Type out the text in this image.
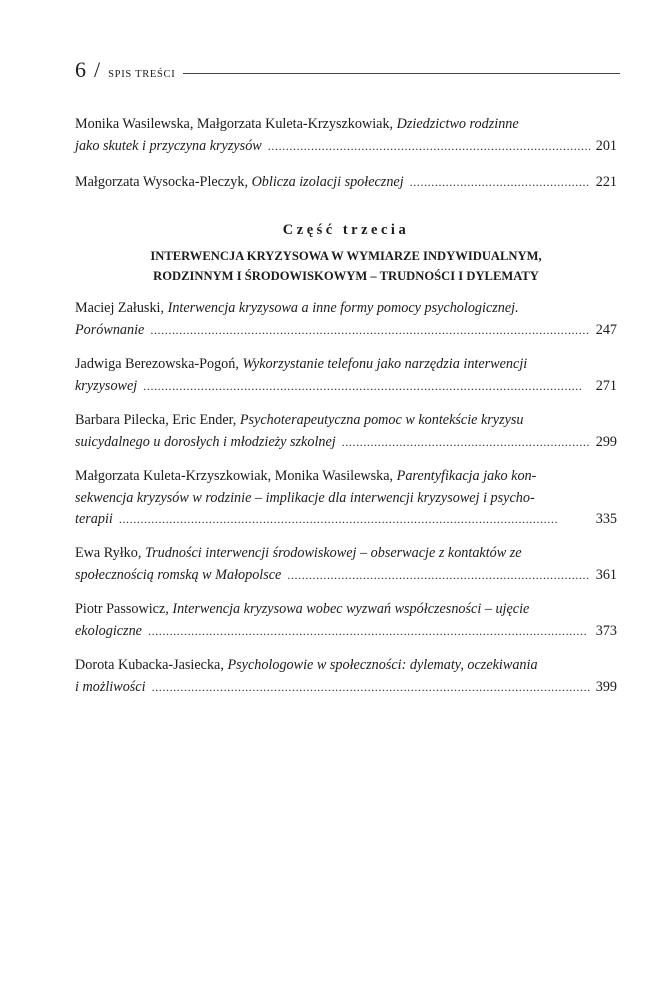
6 / SPIS TREŚCI
Monika Wasilewska, Małgorzata Kuleta-Krzyszkowiak,
Dziedzictwo rodzinne
jako skutek i przyczyna kryzysów . . .	201
Małgorzata Wysocka-Pleczyk,
Oblicza izolacji społecznej . . .	221
Część trzecia
INTERWENCJA KRYZYSOWA W WYMIARZE INDYWIDUALNYM,
RODZINNYM I ŚRODOWISKOWYM – TRUDNOŚCI I DYLEMATY
Maciej Załuski,
Interwencja kryzysowa a inne formy pomocy psychologicznej.
Porównanie . . .	247
Jadwiga Berezowska-Pogoń,
Wykorzystanie telefonu jako narzędzia interwencji
kryzysowej . . .	271
Barbara Pilecka, Eric Ender,
Psychoterapeutyczna pomoc w kontekście kryzysu
suicydalnego u dorosłych i młodzieży szkolnej . . .	299
Małgorzata Kuleta-Krzyszkowiak, Monika Wasilewska,
Parentyfikacja jako kon-
sekwencja kryzysów w rodzinie – implikacje dla interwencji kryzysowej i psycho-
terapii . . .	335
Ewa Ryłko,
Trudności interwencji środowiskowej – obserwacje z kontaktów ze
społecznością romską w Małopolsce . . .	361
Piotr Passowicz,
Interwencja kryzysowa wobec wyzwań współczesności – ujęcie
ekologiczne . . .	373
Dorota Kubacka-Jasiecka,
Psychologowie w społeczności: dylematy, oczekiwania
i możliwości . . .	399
